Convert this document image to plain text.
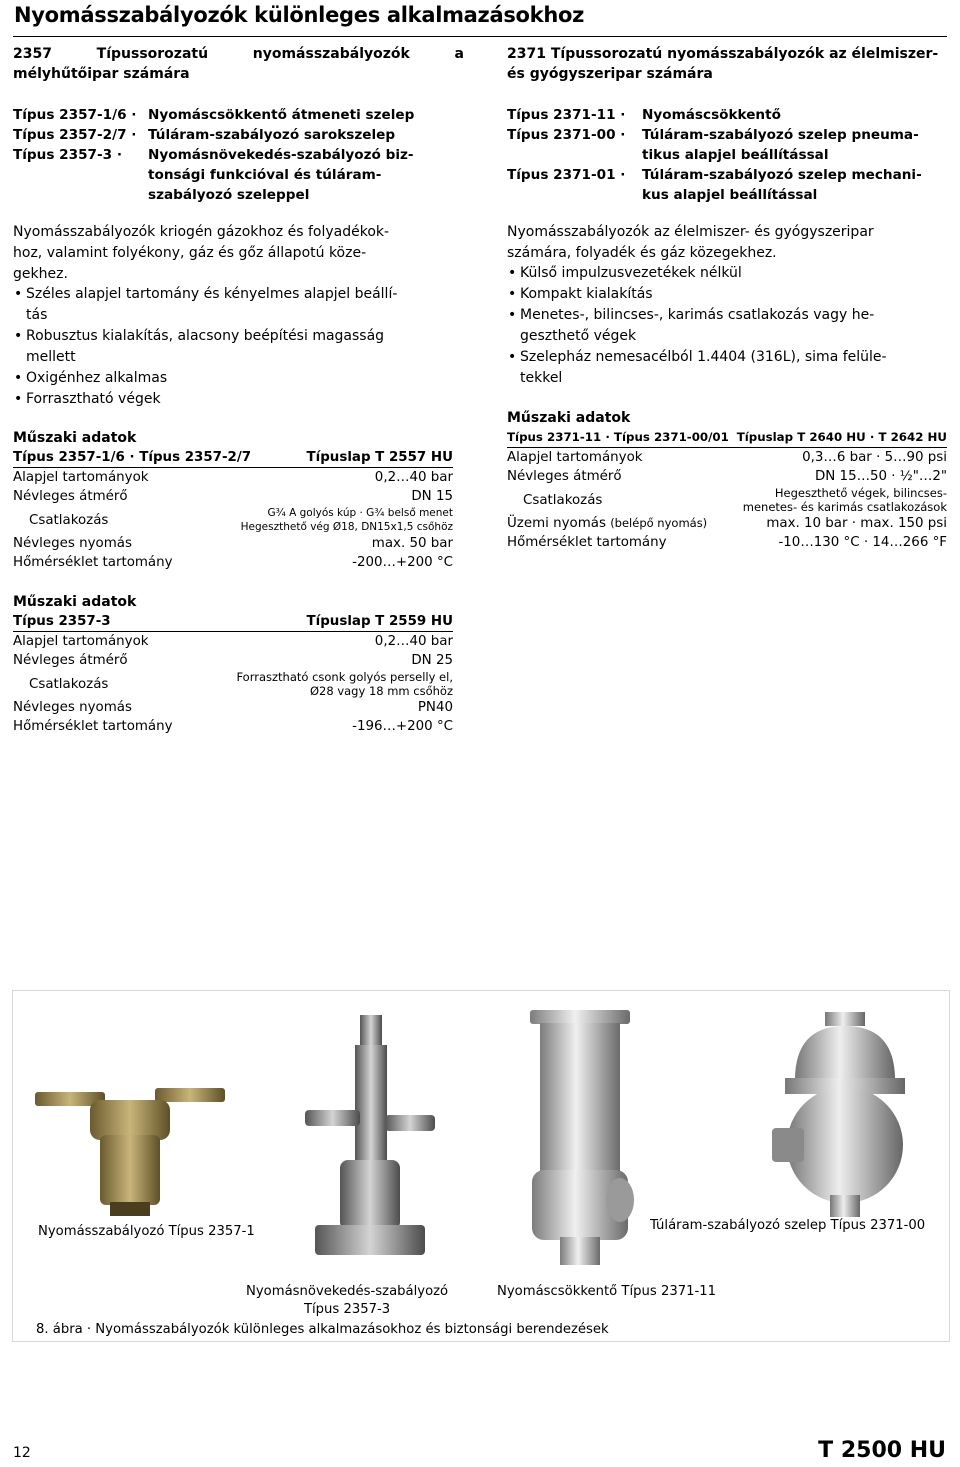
Nyomásszabályozók különleges alkalmazásokhoz
2357	Típussorozatú	nyomásszabályozók	a
mélyhűtőipar számára
Típus 2357-1/6 · Nyomáscsökkentő átmeneti szelep
Típus 2357-2/7 · Túláram-szabályozó sarokszelep
Típus 2357-3 ·	Nyomásnövekedés-szabályozó biz-
tonsági funkcióval és túláram-
szabályozó szeleppel
Nyomásszabályozók kriogén gázokhoz és folyadékok-
hoz, valamint folyékony, gáz és gőz állapotú köze-
gekhez.
• Széles alapjel tartomány és kényelmes alapjel beállí-
tás
• Robusztus kialakítás, alacsony beépítési magasság
mellett
• Oxigénhez alkalmas
• Forrasztható végek
Műszaki adatok
Típus 2357-1/6 · Típus 2357-2/7	Típuslap T 2557 HU
Alapjel tartományok	0,2…40 bar
Névleges átmérő	DN 15
Csatlakozás	G¾ A golyós kúp · G¾ belső menet
Hegeszthető vég Ø18, DN15x1,5 csőhöz
Névleges nyomás	max. 50 bar
Hőmérséklet tartomány	-200…+200 °C
Műszaki adatok
Típus 2357-3	Típuslap T 2559 HU
Alapjel tartományok	0,2…40 bar
Névleges átmérő	DN 25
Csatlakozás	Forrasztható csonk golyós perselly el,
Ø28 vagy 18 mm csőhöz
Névleges nyomás	PN40
Hőmérséklet tartomány	-196…+200 °C
2371 Típussorozatú nyomásszabályozók az élelmiszer-
és gyógyszeripar számára
Típus 2371-11 ·	Nyomáscsökkentő
Típus 2371-00 ·	Túláram-szabályozó szelep pneuma-
tikus alapjel beállítással
Típus 2371-01 ·	Túláram-szabályozó szelep mechani-
kus alapjel beállítással
Nyomásszabályozók az élelmiszer- és gyógyszeripar
számára, folyadék és gáz közegekhez.
• Külső impulzusvezetékek nélkül
• Kompakt kialakítás
• Menetes-, bilincses-, karimás csatlakozás vagy he-
geszthető végek
• Szelepház nemesacélból 1.4404 (316L), sima felüle-
tekkel
Műszaki adatok
Típus 2371-11 · Típus 2371-00/01 Típuslap T 2640 HU · T 2642 HU
Alapjel tartományok	0,3…6 bar · 5…90 psi
Névleges átmérő	DN 15…50 · ½"…2"
Csatlakozás	Hegeszthető végek, bilincses-
menetes- és karimás csatlakozások
Üzemi nyomás (belépő nyomás)	max. 10 bar · max. 150 psi
Hőmérséklet tartomány	-10…130 °C · 14…266 °F
Nyomásszabályozó Típus 2357-1	Túláram-szabályozó szelep Típus 2371-00
Nyomásnövekedés-szabályozó
Típus 2357-3
Nyomáscsökkentő Típus 2371-11
8. ábra · Nyomásszabályozók különleges alkalmazásokhoz és biztonsági berendezések
12	T 2500 HU
